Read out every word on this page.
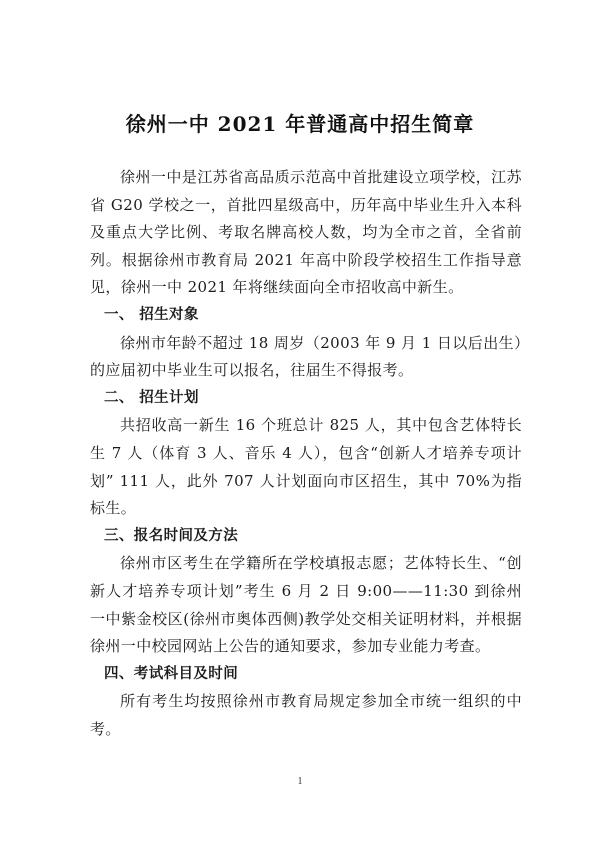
徐州一中 2021 年普通高中招生简章

徐州一中是江苏省高品质示范高中首批建设立项学校，江苏省 G20 学校之一，首批四星级高中，历年高中毕业生升入本科及重点大学比例、考取名牌高校人数，均为全市之首，全省前列。根据徐州市教育局 2021 年高中阶段学校招生工作指导意见，徐州一中 2021 年将继续面向全市招收高中新生。

一、 招生对象

徐州市年龄不超过 18 周岁（2003 年 9 月 1 日以后出生）的应届初中毕业生可以报名，往届生不得报考。

二、 招生计划

共招收高一新生 16 个班总计 825 人，其中包含艺体特长生 7 人（体育 3 人、音乐 4 人），包含“创新人才培养专项计划” 111 人，此外 707 人计划面向市区招生，其中 70%为指标生。

三、报名时间及方法

徐州市区考生在学籍所在学校填报志愿；艺体特长生、“创新人才培养专项计划”考生 6 月 2 日 9:00——11:30 到徐州一中紫金校区(徐州市奥体西侧)教学处交相关证明材料，并根据徐州一中校园网站上公告的通知要求，参加专业能力考查。

四、考试科目及时间

所有考生均按照徐州市教育局规定参加全市统一组织的中考。

1
